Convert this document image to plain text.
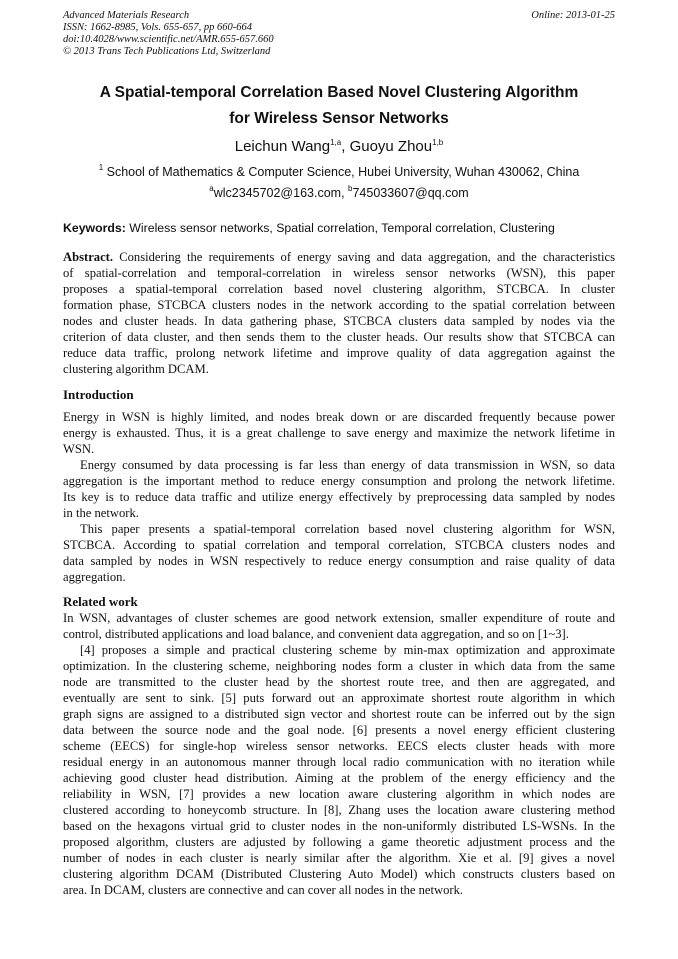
Advanced Materials Research
ISSN: 1662-8985, Vols. 655-657, pp 660-664
doi:10.4028/www.scientific.net/AMR.655-657.660
© 2013 Trans Tech Publications Ltd, Switzerland
Online: 2013-01-25
A Spatial-temporal Correlation Based Novel Clustering Algorithm
for Wireless Sensor Networks
Leichun Wang$^{1,a}$, Guoyu Zhou$^{1,b}$
$^1$ School of Mathematics & Computer Science, Hubei University, Wuhan 430062, China
$^a$wlc2345702@163.com, $^b$745033607@qq.com
Keywords: Wireless sensor networks, Spatial correlation, Temporal correlation, Clustering
Abstract. Considering the requirements of energy saving and data aggregation, and the characteristics
of spatial-correlation and temporal-correlation in wireless sensor networks (WSN), this paper
proposes a spatial-temporal correlation based novel clustering algorithm, STCBCA. In cluster
formation phase, STCBCA clusters nodes in the network according to the spatial correlation between
nodes and cluster heads. In data gathering phase, STCBCA clusters data sampled by nodes via the
criterion of data cluster, and then sends them to the cluster heads. Our results show that STCBCA can
reduce data traffic, prolong network lifetime and improve quality of data aggregation against the
clustering algorithm DCAM.
Introduction
Energy in WSN is highly limited, and nodes break down or are discarded frequently because power
energy is exhausted. Thus, it is a great challenge to save energy and maximize the network lifetime in
WSN.
Energy consumed by data processing is far less than energy of data transmission in WSN, so data
aggregation is the important method to reduce energy consumption and prolong the network lifetime.
Its key is to reduce data traffic and utilize energy effectively by preprocessing data sampled by nodes
in the network.
This paper presents a spatial-temporal correlation based novel clustering algorithm for WSN,
STCBCA. According to spatial correlation and temporal correlation, STCBCA clusters nodes and
data sampled by nodes in WSN respectively to reduce energy consumption and raise quality of data
aggregation.
Related work
In WSN, advantages of cluster schemes are good network extension, smaller expenditure of route and
control, distributed applications and load balance, and convenient data aggregation, and so on [1~3].
[4] proposes a simple and practical clustering scheme by min-max optimization and approximate
optimization. In the clustering scheme, neighboring nodes form a cluster in which data from the same
node are transmitted to the cluster head by the shortest route tree, and then are aggregated, and
eventually are sent to sink. [5] puts forward out an approximate shortest route algorithm in which
graph signs are assigned to a distributed sign vector and shortest route can be inferred out by the sign
data between the source node and the goal node. [6] presents a novel energy efficient clustering
scheme (EECS) for single-hop wireless sensor networks. EECS elects cluster heads with more
residual energy in an autonomous manner through local radio communication with no iteration while
achieving good cluster head distribution. Aiming at the problem of the energy efficiency and the
reliability in WSN, [7] provides a new location aware clustering algorithm in which nodes are
clustered according to honeycomb structure. In [8], Zhang uses the location aware clustering method
based on the hexagons virtual grid to cluster nodes in the non-uniformly distributed LS-WSNs. In the
proposed algorithm, clusters are adjusted by following a game theoretic adjustment process and the
number of nodes in each cluster is nearly similar after the algorithm. Xie et al. [9] gives a novel
clustering algorithm DCAM (Distributed Clustering Auto Model) which constructs clusters based on
area. In DCAM, clusters are connective and can cover all nodes in the network.
